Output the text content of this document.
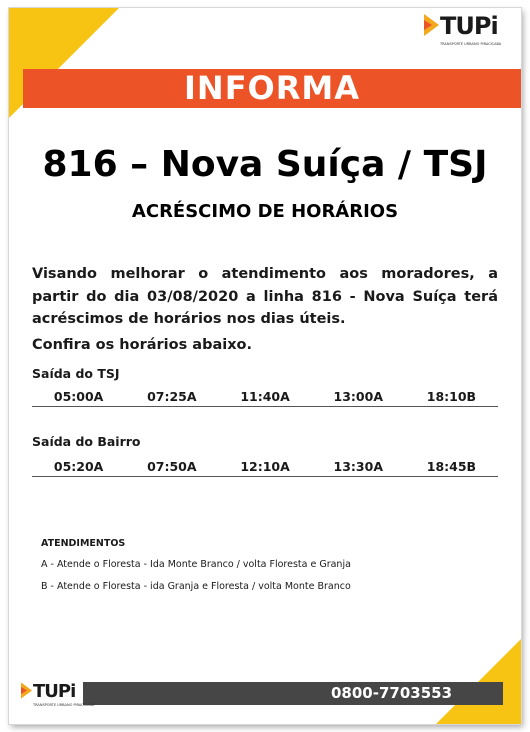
TUPi
TRANSPORTE URBANO PIRACICABA
INFORMA
816 – Nova Suíça / TSJ
ACRÉSCIMO DE HORÁRIOS
Visando melhorar o atendimento aos moradores, a partir do dia 03/08/2020 a linha 816 - Nova Suíça terá acréscimos de horários nos dias úteis.
Confira os horários abaixo.
Saída do TSJ
05:00A	07:25A	11:40A	13:00A	18:10B
Saída do Bairro
05:20A	07:50A	12:10A	13:30A	18:45B
ATENDIMENTOS
A - Atende o Floresta - Ida Monte Branco / volta Floresta e Granja
B - Atende o Floresta - ida Granja e Floresta / volta Monte Branco
0800-7703553
TUPi
TRANSPORTE URBANO PIRACICABA
